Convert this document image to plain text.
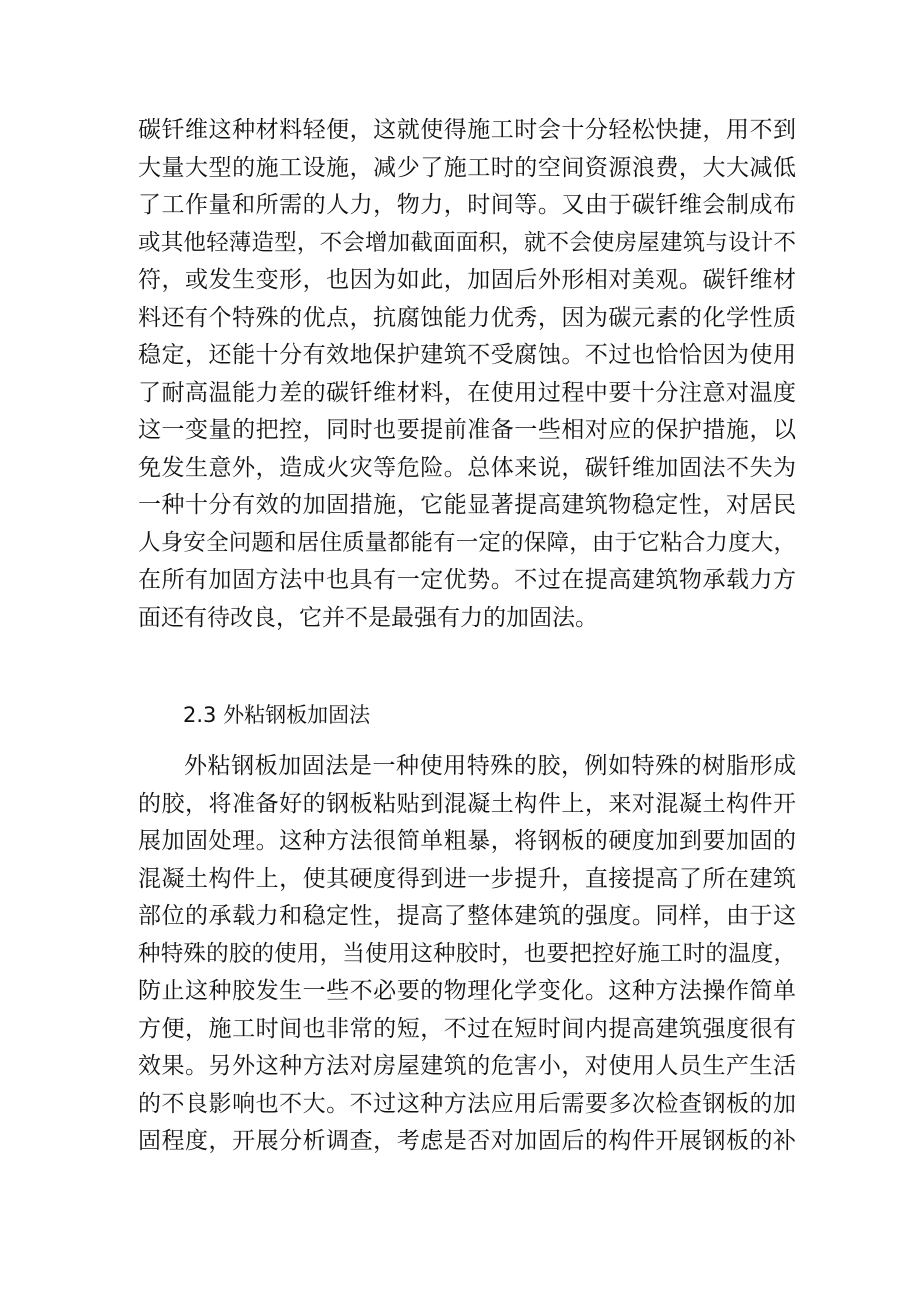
碳钎维这种材料轻便，这就使得施工时会十分轻松快捷，用不到
大量大型的施工设施，减少了施工时的空间资源浪费，大大减低
了工作量和所需的人力，物力，时间等。又由于碳钎维会制成布
或其他轻薄造型，不会增加截面面积，就不会使房屋建筑与设计不
符，或发生变形，也因为如此，加固后外形相对美观。碳钎维材
料还有个特殊的优点，抗腐蚀能力优秀，因为碳元素的化学性质
稳定，还能十分有效地保护建筑不受腐蚀。不过也恰恰因为使用
了耐高温能力差的碳钎维材料，在使用过程中要十分注意对温度
这一变量的把控，同时也要提前准备一些相对应的保护措施，以
免发生意外，造成火灾等危险。总体来说，碳钎维加固法不失为
一种十分有效的加固措施，它能显著提高建筑物稳定性，对居民
人身安全问题和居住质量都能有一定的保障，由于它粘合力度大，
在所有加固方法中也具有一定优势。不过在提高建筑物承载力方
面还有待改良，它并不是最强有力的加固法。
2.3 外粘钢板加固法
外粘钢板加固法是一种使用特殊的胶，例如特殊的树脂形成
的胶，将准备好的钢板粘贴到混凝土构件上，来对混凝土构件开
展加固处理。这种方法很简单粗暴，将钢板的硬度加到要加固的
混凝土构件上，使其硬度得到进一步提升，直接提高了所在建筑
部位的承载力和稳定性，提高了整体建筑的强度。同样，由于这
种特殊的胶的使用，当使用这种胶时，也要把控好施工时的温度，
防止这种胶发生一些不必要的物理化学变化。这种方法操作简单
方便，施工时间也非常的短，不过在短时间内提高建筑强度很有
效果。另外这种方法对房屋建筑的危害小，对使用人员生产生活
的不良影响也不大。不过这种方法应用后需要多次检查钢板的加
固程度，开展分析调查，考虑是否对加固后的构件开展钢板的补
